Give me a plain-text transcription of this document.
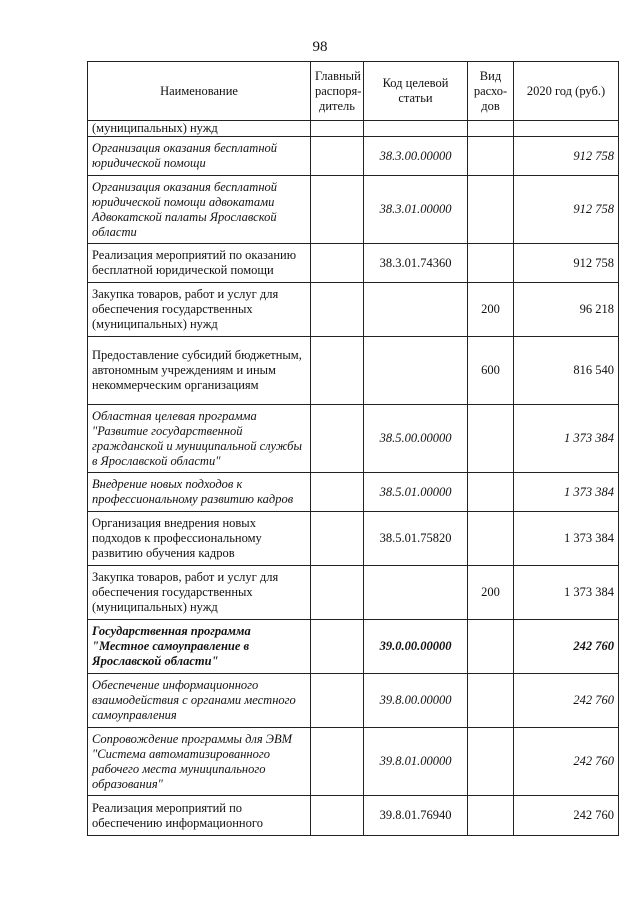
98
Наименование	Главный распоря-дитель	Код целевой статьи	Вид расхо-дов	2020 год (руб.)
(муниципальных) нужд				
Организация оказания бесплатной юридической помощи		38.3.00.00000		912 758
Организация оказания бесплатной юридической помощи адвокатами Адвокатской палаты Ярославской области		38.3.01.00000		912 758
Реализация мероприятий по оказанию бесплатной юридической помощи		38.3.01.74360		912 758
Закупка товаров, работ и услуг для обеспечения государственных (муниципальных) нужд			200	96 218
Предоставление субсидий бюджетным, автономным учреждениям и иным некоммерческим организациям			600	816 540
Областная целевая программа "Развитие государственной гражданской и муниципальной службы в Ярославской области"		38.5.00.00000		1 373 384
Внедрение новых подходов к профессиональному развитию кадров		38.5.01.00000		1 373 384
Организация внедрения новых подходов к профессиональному развитию обучения кадров		38.5.01.75820		1 373 384
Закупка товаров, работ и услуг для обеспечения государственных (муниципальных) нужд			200	1 373 384
Государственная программа "Местное самоуправление в Ярославской области"		39.0.00.00000		242 760
Обеспечение информационного взаимодействия с органами местного самоуправления		39.8.00.00000		242 760
Сопровождение программы для ЭВМ "Система автоматизированного рабочего места муниципального образования"		39.8.01.00000		242 760
Реализация мероприятий по обеспечению информационного		39.8.01.76940		242 760
